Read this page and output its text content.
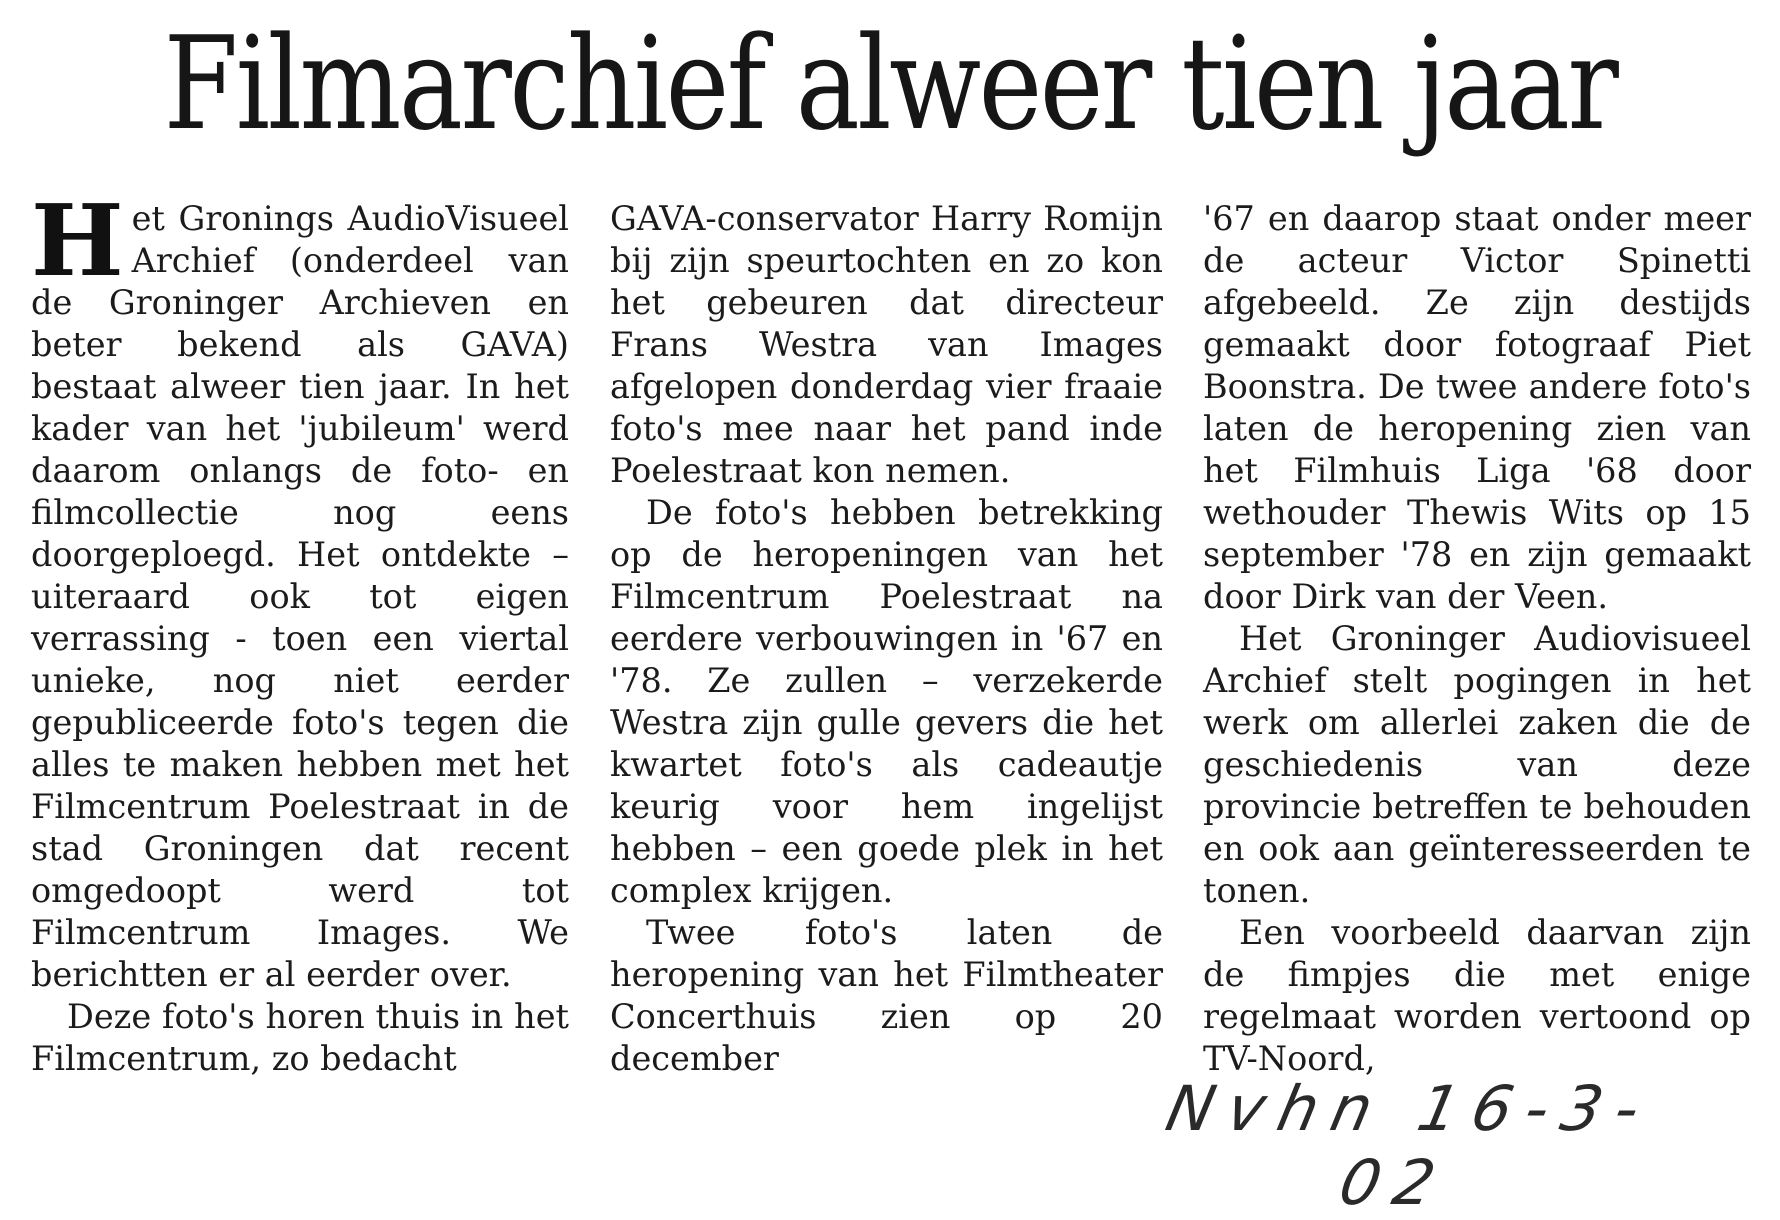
Filmarchief alweer tien jaar

Het Gronings AudioVisueel Archief (onderdeel van de Groninger Archieven en beter bekend als GAVA) bestaat alweer tien jaar. In het kader van het 'jubileum' werd daarom onlangs de foto- en filmcollectie nog eens doorgeploegd. Het ontdekte – uiteraard ook tot eigen verrassing - toen een viertal unieke, nog niet eerder gepubliceerde foto's tegen die alles te maken hebben met het Filmcentrum Poelestraat in de stad Groningen dat recent omgedoopt werd tot Filmcentrum Images. We berichtten er al eerder over.

Deze foto's horen thuis in het Filmcentrum, zo bedacht

GAVA-conservator Harry Romijn bij zijn speurtochten en zo kon het gebeuren dat directeur Frans Westra van Images afgelopen donderdag vier fraaie foto's mee naar het pand inde Poelestraat kon nemen.

De foto's hebben betrekking op de heropeningen van het Filmcentrum Poelestraat na eerdere verbouwingen in '67 en '78. Ze zullen – verzekerde Westra zijn gulle gevers die het kwartet foto's als cadeautje keurig voor hem ingelijst hebben – een goede plek in het complex krijgen.

Twee foto's laten de heropening van het Filmtheater Concerthuis zien op 20 december

'67 en daarop staat onder meer de acteur Victor Spinetti afgebeeld. Ze zijn destijds gemaakt door fotograaf Piet Boonstra. De twee andere foto's laten de heropening zien van het Filmhuis Liga '68 door wethouder Thewis Wits op 15 september '78 en zijn gemaakt door Dirk van der Veen.

Het Groninger Audiovisueel Archief stelt pogingen in het werk om allerlei zaken die de geschiedenis van deze provincie betreffen te behouden en ook aan geïnteresseerden te tonen.

Een voorbeeld daarvan zijn de fimpjes die met enige regelmaat worden vertoond op TV-Noord,

Nvhn 16-3-02
